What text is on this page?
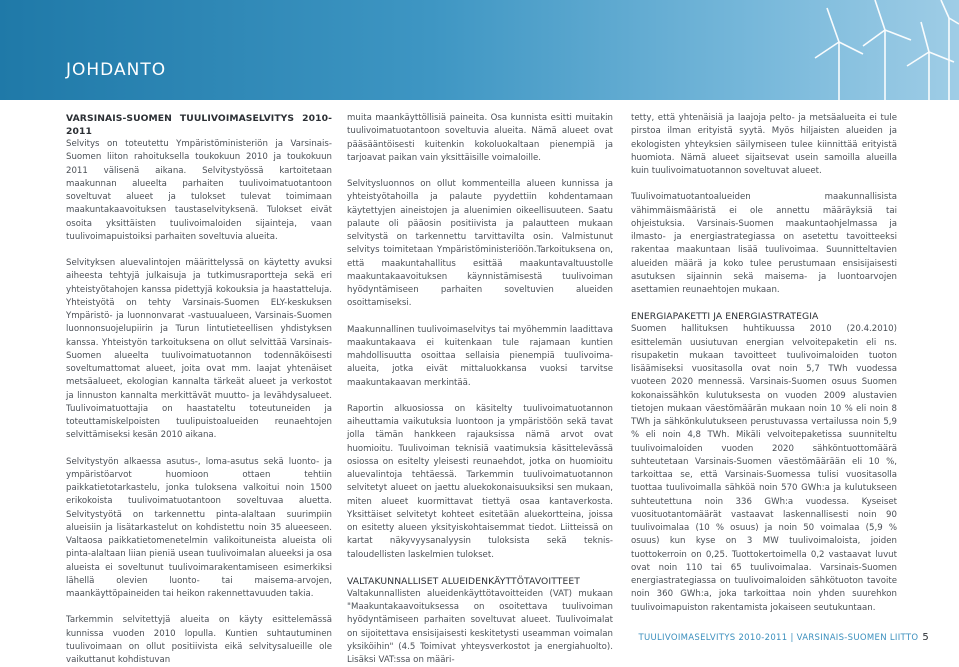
JOHDANTO
VARSINAIS-SUOMEN TUULIVOIMASELVITYS 2010-2011

Selvitys on toteutettu Ympäristöministeriön ja Varsinais-Suomen liiton rahoituksella toukokuun 2010 ja toukokuun 2011 välisenä aikana. Selvitystyössä kartoitetaan maakunnan alueelta parhaiten tuulivoimatuotantoon soveltuvat alueet ja tulokset tulevat toimimaan maakuntakaavoituksen taustaselvityksenä. Tulokset eivät osoita yksittäisten tuulivoimaloiden sijainteja, vaan tuulivoimapuistoiksi parhaiten soveltuvia alueita.

Selvityksen aluevalintojen määrittelyssä on käytetty avuksi aiheesta tehtyjä julkaisuja ja tutkimusraportteja sekä eri yhteistyötahojen kanssa pidettyjä kokouksia ja haastatteluja. Yhteistyötä on tehty Varsinais-Suomen ELY-keskuksen Ympäristö- ja luonnonvarat -vastuualueen, Varsinais-Suomen luonnonsuojelupiirin ja Turun lintutieteellisen yhdistyksen kanssa. Yhteistyön tarkoituksena on ollut selvittää Varsinais-Suomen alueelta tuulivoimatuotannon todennäköisesti soveltumattomat alueet, joita ovat mm. laajat yhtenäiset metsäalueet, ekologian kannalta tärkeät alueet ja verkostot ja linnuston kannalta merkittävät muutto- ja levähdysalueet. Tuulivoimatuottajia on haastateltu toteutuneiden ja toteuttamiskelpoisten tuulipuistoalueiden reunaehtojen selvittämiseksi kesän 2010 aikana.

Selvitystyön alkaessa asutus-, loma-asutus sekä luonto- ja ympäristöarvot huomioon ottaen tehtiin paikkatietotarkastelu, jonka tuloksena valkoitui noin 1500 erikokoista tuulivoimatuotantoon soveltuvaa aluetta. Selvitystyötä on tarkennettu pinta-alaltaan suurimpiin alueisiin ja lisätarkastelut on kohdistettu noin 35 alueeseen. Valtaosa paikkatietomenetelmin valikoituneista alueista oli pinta-alaltaan liian pieniä usean tuulivoimalan alueeksi ja osa alueista ei soveltunut tuulivoimarakentamiseen esimerkiksi lähellä olevien luonto- tai maisema-arvojen, maankäyttöpaineiden tai heikon rakennettavuuden takia.

Tarkemmin selvitettyjä alueita on käyty esittelemässä kunnissa vuoden 2010 lopulla. Kuntien suhtautuminen tuulivoimaan on ollut positiivista eikä selvitysalueille ole vaikuttanut kohdistuvan

muita maankäyttöllisiä paineita. Osa kunnista esitti muitakin tuulivoimatuotantoon soveltuvia alueita. Nämä alueet ovat pääsääntöisesti kuitenkin kokoluokaltaan pienempiä ja tarjoavat paikan vain yksittäisille voimaloille.

Selvitysluonnos on ollut kommenteilla alueen kunnissa ja yhteistyötahoilla ja palaute pyydettiin kohdentamaan käytettyjen aineistojen ja aluenimien oikeellisuuteen. Saatu palaute oli pääosin positiivista ja palautteen mukaan selvitystä on tarkennettu tarvittavilta osin. Valmistunut selvitys toimitetaan Ympäristöministeriöön.Tarkoituksena on, että maakuntahallitus esittää maakuntavaltuustolle maakuntakaavoituksen käynnistämisestä tuulivoiman hyödyntämiseen parhaiten soveltuvien alueiden osoittamiseksi.

Maakunnallinen tuulivoimaselvitys tai myöhemmin laadittava maakuntakaava ei kuitenkaan tule rajamaan kuntien mahdollisuutta osoittaa sellaisia pienempiä tuulivoima-alueita, jotka eivät mittaluokkansa vuoksi tarvitse maakuntakaavan merkintää.

Raportin alkuosiossa on käsitelty tuulivoimatuotannon aiheuttamia vaikutuksia luontoon ja ympäristöön sekä tavat jolla tämän hankkeen rajauksissa nämä arvot ovat huomioitu. Tuulivoiman teknisiä vaatimuksia käsittelevässä osiossa on esitelty yleisesti reunaehdot, jotka on huomioitu aluevalintoja tehtäessä. Tarkemmin tuulivoimatuotannon selvitetyt alueet on jaettu aluekokonaisuuksiksi sen mukaan, miten alueet kuormittavat tiettyä osaa kantaverkosta. Yksittäiset selvitetyt kohteet esitetään aluekortteina, joissa on esitetty alueen yksityiskohtaisemmat tiedot. Liitteissä on kartat näkyvyysanalyysin tuloksista sekä teknis-taloudellisten laskelmien tulokset.

VALTAKUNNALLISET ALUEIDENKÄYTTÖTAVOITTEET

Valtakunnallisten alueidenkäyttötavoitteiden (VAT) mukaan "Maakuntakaavoituksessa on osoitettava tuulivoiman hyödyntämiseen parhaiten soveltuvat alueet. Tuulivoimalat on sijoitettava ensisijaisesti keskitetysti useamman voimalan yksiköihin" (4.5 Toimivat yhteysverkostot ja energiahuolto). Lisäksi VAT:ssa on määri-

tetty, että yhtenäisiä ja laajoja pelto- ja metsäalueita ei tule pirstoa ilman erityistä syytä. Myös hiljaisten alueiden ja ekologisten yhteyksien säilymiseen tulee kiinnittää erityistä huomiota. Nämä alueet sijaitsevat usein samoilla alueilla kuin tuulivoimatuotannon soveltuvat alueet.

Tuulivoimatuotantoalueiden maakunnallisista vähimmäismääristä ei ole annettu määräyksiä tai ohjeistuksia. Varsinais-Suomen maakuntaohjelmassa ja ilmasto- ja energiastrategiassa on asetettu tavoitteeksi rakentaa maakuntaan lisää tuulivoimaa. Suunnitteltavien alueiden määrä ja koko tulee perustumaan ensisijaisesti asutuksen sijainnin sekä maisema- ja luontoarvojen asettamien reunaehtojen mukaan.

ENERGIAPAKETTI JA ENERGIASTRATEGIA

Suomen hallituksen huhtikuussa 2010 (20.4.2010) esittelemän uusiutuvan energian velvoitepaketin eli ns. risupaketin mukaan tavoitteet tuulivoimaloiden tuoton lisäämiseksi vuositasolla ovat noin 5,7 TWh vuodessa vuoteen 2020 mennessä. Varsinais-Suomen osuus Suomen kokonaissähkön kulutuksesta on vuoden 2009 alustavien tietojen mukaan väestömäärän mukaan noin 10 % eli noin 8 TWh ja sähkönkulutukseen perustuvassa vertailussa noin 5,9 % eli noin 4,8 TWh. Mikäli velvoitepaketissa suunniteltu tuulivoimaloiden vuoden 2020 sähköntuottomäärä suhteutetaan Varsinais-Suomen väestömäärään eli 10 %, tarkoittaa se, että Varsinais-Suomessa tulisi vuositasolla tuottaa tuulivoimalla sähköä noin 570 GWh:a ja kulutukseen suhteutettuna noin 336 GWh:a vuodessa. Kyseiset vuosituotantomäärät vastaavat laskennallisesti noin 90 tuulivoimalaa (10 % osuus) ja noin 50 voimalaa (5,9 % osuus) kun kyse on 3 MW tuulivoimaloista, joiden tuottokerroin on 0,25. Tuottokertoimella 0,2 vastaavat luvut ovat noin 110 tai 65 tuulivoimalaa. Varsinais-Suomen energiastrategiassa on tuulivoimaloiden sähkötuoton tavoite noin 360 GWh:a, joka tarkoittaa noin yhden suurehkon tuulivoimapuiston rakentamista jokaiseen seutukuntaan.

TUULIVOIMASELVITYS 2010-2011 | VARSINAIS-SUOMEN LIITTO 5
